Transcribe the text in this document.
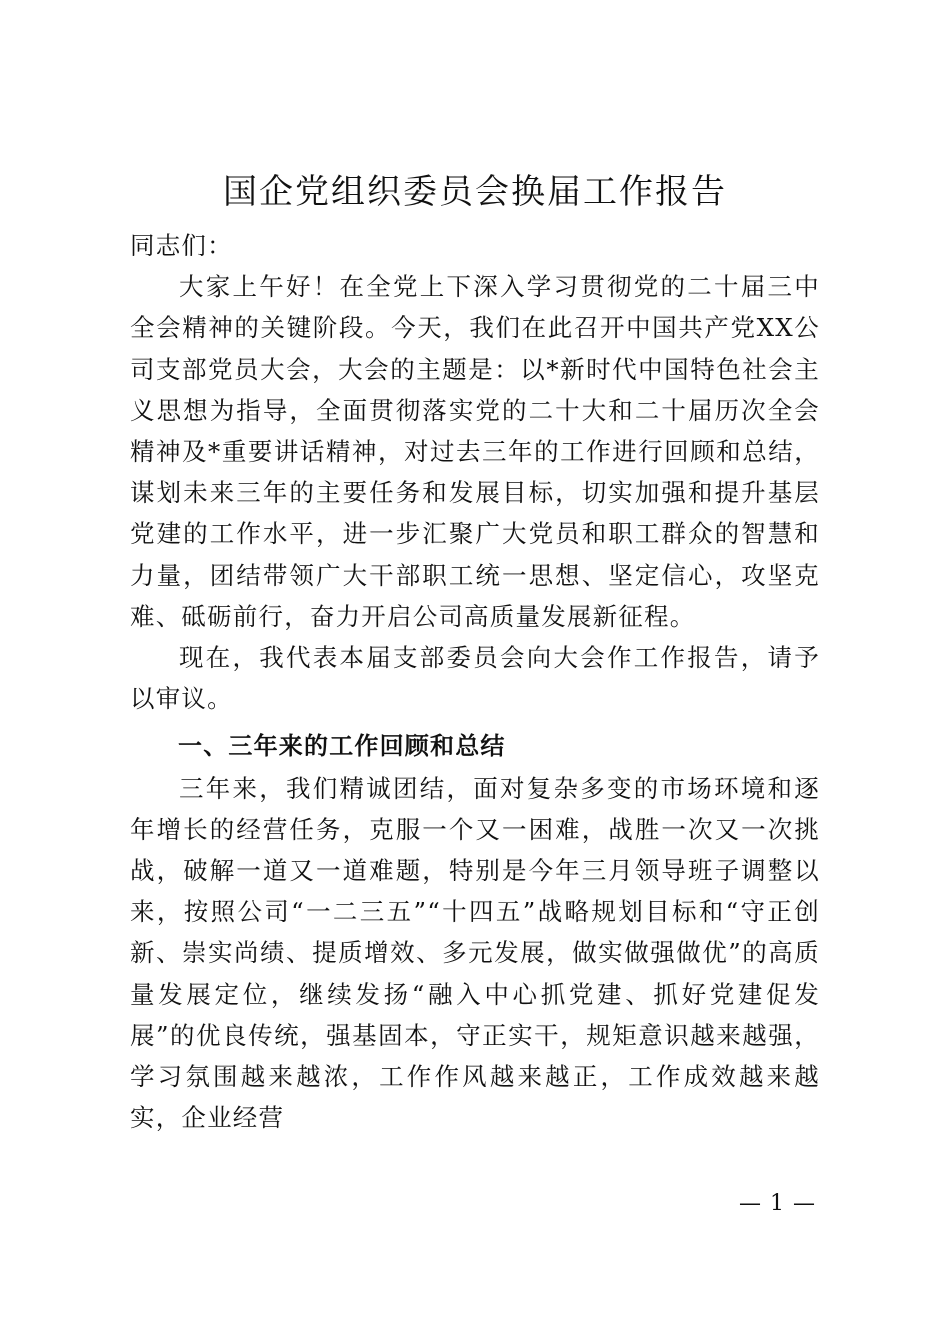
国企党组织委员会换届工作报告

同志们：

大家上午好！在全党上下深入学习贯彻党的二十届三中全会精神的关键阶段。今天，我们在此召开中国共产党XX公司支部党员大会，大会的主题是：以*新时代中国特色社会主义思想为指导，全面贯彻落实党的二十大和二十届历次全会精神及*重要讲话精神，对过去三年的工作进行回顾和总结，谋划未来三年的主要任务和发展目标，切实加强和提升基层党建的工作水平，进一步汇聚广大党员和职工群众的智慧和力量，团结带领广大干部职工统一思想、坚定信心，攻坚克难、砥砺前行，奋力开启公司高质量发展新征程。

现在，我代表本届支部委员会向大会作工作报告，请予以审议。

一、三年来的工作回顾和总结

三年来，我们精诚团结，面对复杂多变的市场环境和逐年增长的经营任务，克服一个又一困难，战胜一次又一次挑战，破解一道又一道难题，特别是今年三月领导班子调整以来，按照公司“一二三五”“十四五”战略规划目标和“守正创新、崇实尚绩、提质增效、多元发展，做实做强做优”的高质量发展定位，继续发扬“融入中心抓党建、抓好党建促发展”的优良传统，强基固本，守正实干，规矩意识越来越强，学习氛围越来越浓，工作作风越来越正，工作成效越来越实，企业经营

— 1 —
